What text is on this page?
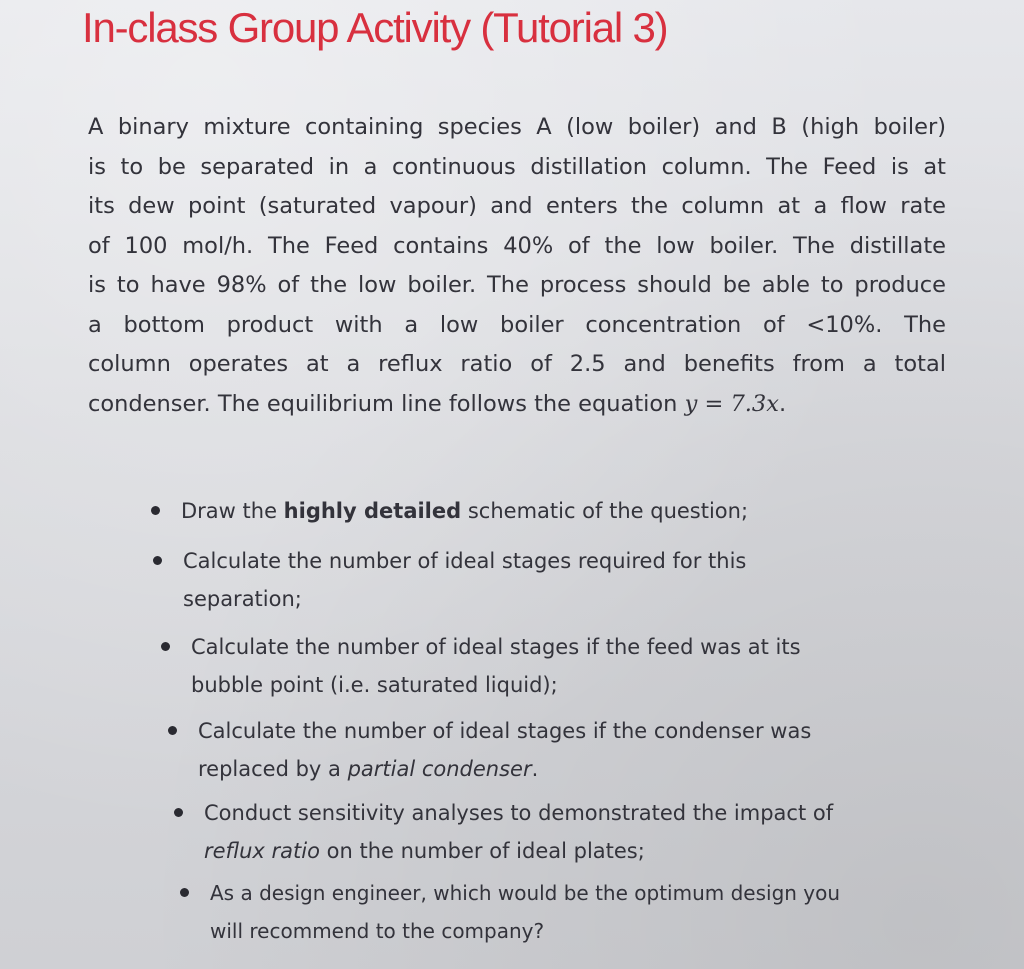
In-class Group Activity (Tutorial 3)
A binary mixture containing species A (low boiler) and B (high boiler)
is to be separated in a continuous distillation column. The Feed is at
its dew point (saturated vapour) and enters the column at a flow rate
of 100 mol/h. The Feed contains 40% of the low boiler. The distillate
is to have 98% of the low boiler. The process should be able to produce
a bottom product with a low boiler concentration of <10%. The
column operates at a reflux ratio of 2.5 and benefits from a total
condenser. The equilibrium line follows the equation y = 7.3x.
Draw the highly detailed schematic of the question;
Calculate the number of ideal stages required for this
separation;
Calculate the number of ideal stages if the feed was at its
bubble point (i.e. saturated liquid);
Calculate the number of ideal stages if the condenser was
replaced by a partial condenser.
Conduct sensitivity analyses to demonstrated the impact of
reflux ratio on the number of ideal plates;
As a design engineer, which would be the optimum design you
will recommend to the company?
